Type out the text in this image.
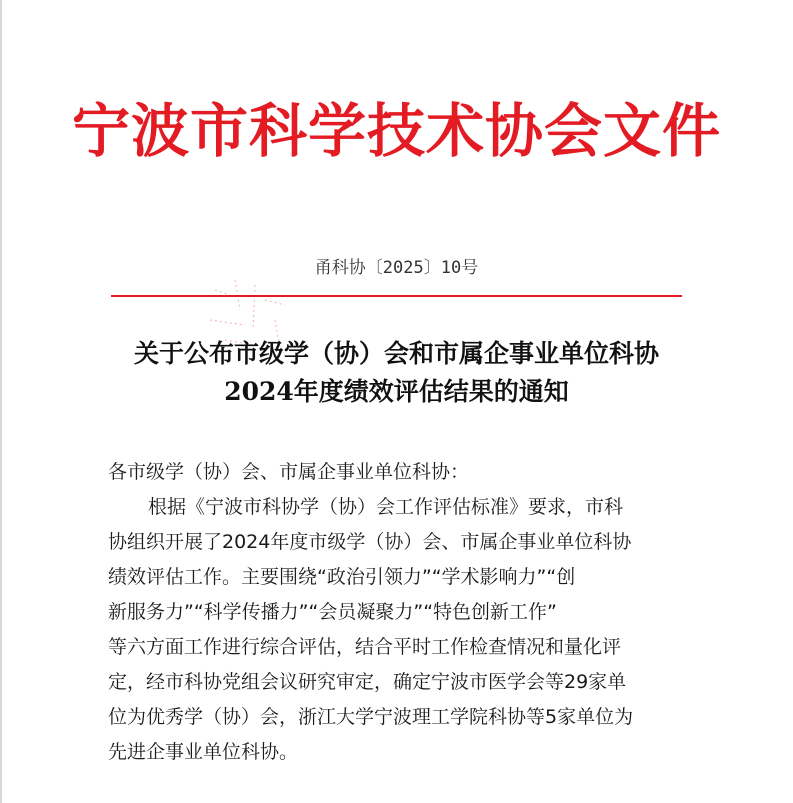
宁波市科学技术协会文件
甬科协〔2025〕10号
关于公布市级学（协）会和市属企事业单位科协
2024年度绩效评估结果的通知
各市级学（协）会、市属企事业单位科协：
根据《宁波市科协学（协）会工作评估标准》要求，市科
协组织开展了2024年度市级学（协）会、市属企事业单位科协
绩效评估工作。主要围绕“政治引领力”“学术影响力”“创
新服务力”“科学传播力”“会员凝聚力”“特色创新工作”
等六方面工作进行综合评估，结合平时工作检查情况和量化评
定，经市科协党组会议研究审定，确定宁波市医学会等29家单
位为优秀学（协）会，浙江大学宁波理工学院科协等5家单位为
先进企事业单位科协。
